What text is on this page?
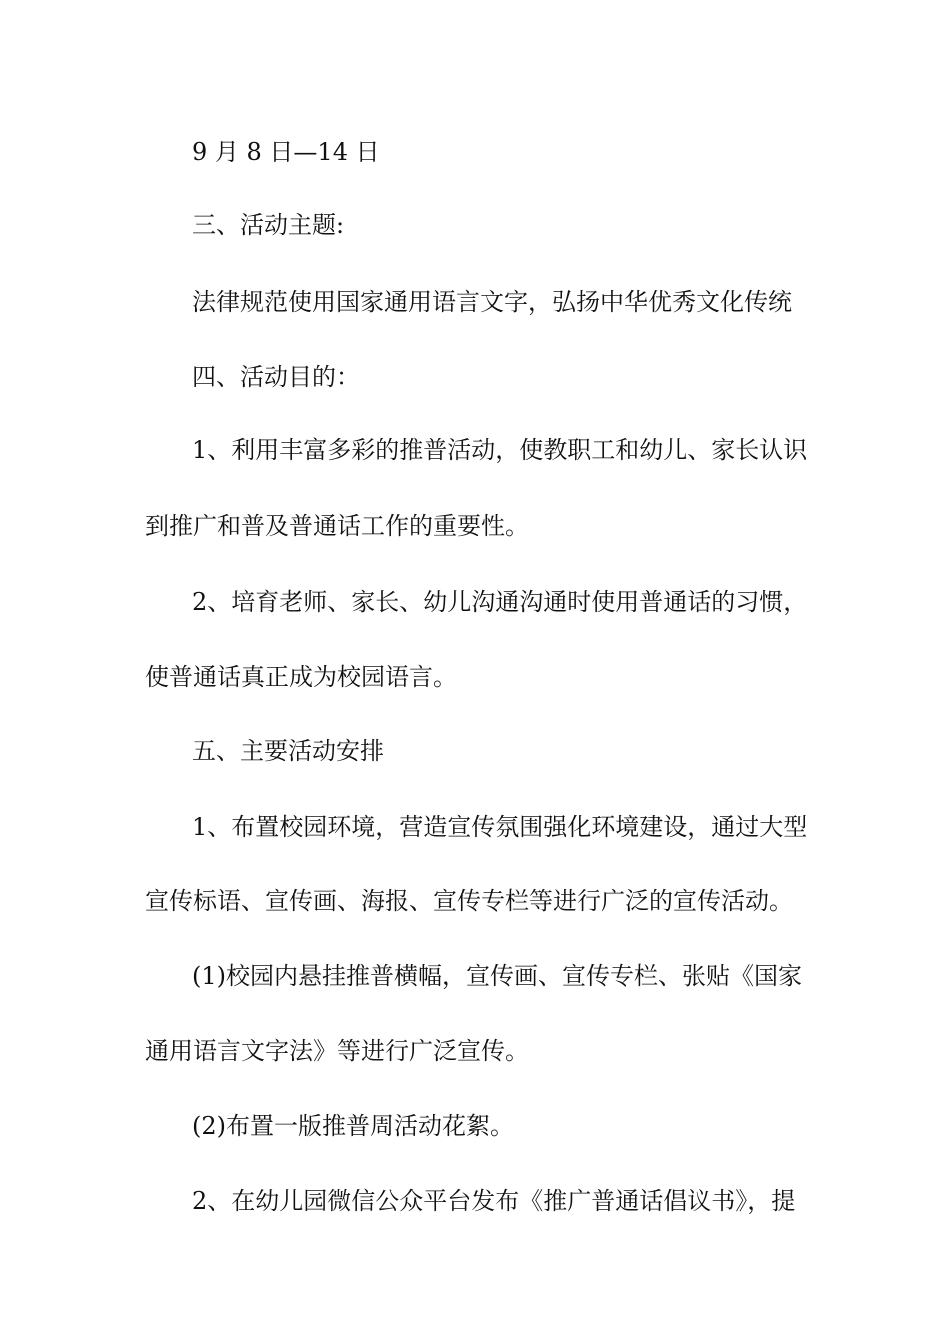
9 月 8 日—14 日
三、活动主题:
法律规范使用国家通用语言文字，弘扬中华优秀文化传统
四、活动目的：
1、利用丰富多彩的推普活动，使教职工和幼儿、家长认识
到推广和普及普通话工作的重要性。
2、培育老师、家长、幼儿沟通沟通时使用普通话的习惯，
使普通话真正成为校园语言。
五、主要活动安排
1、布置校园环境，营造宣传氛围强化环境建设，通过大型
宣传标语、宣传画、海报、宣传专栏等进行广泛的宣传活动。
(1)校园内悬挂推普横幅，宣传画、宣传专栏、张贴《国家
通用语言文字法》等进行广泛宣传。
(2)布置一版推普周活动花絮。
2、在幼儿园微信公众平台发布《推广普通话倡议书》，提
